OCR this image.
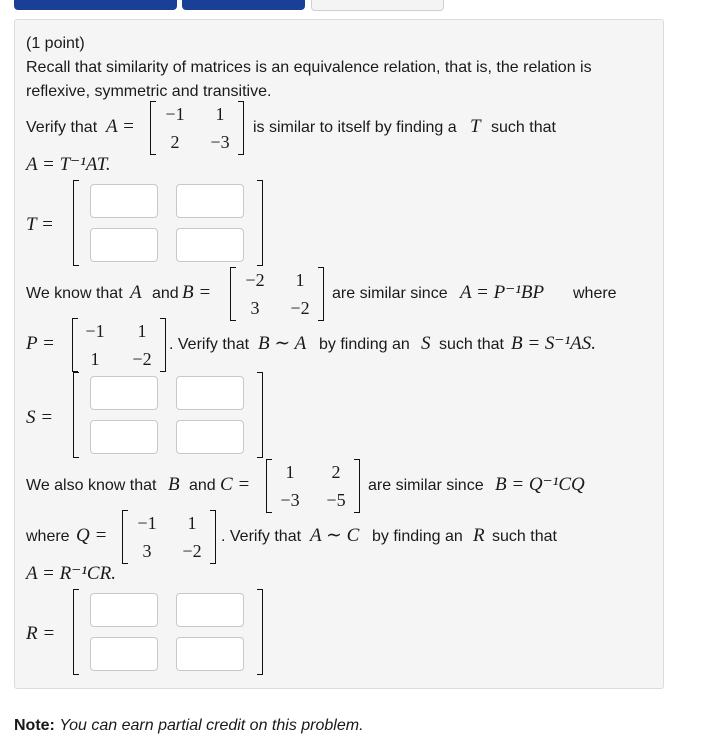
(1 point)
Recall that similarity of matrices is an equivalence relation, that is, the relation is
reflexive, symmetric and transitive.
Verify that A =
−1	1
2	−3
is similar to itself by finding a T such that
A = T⁻¹AT.
T =
We know that A and B =
−2	1
3	−2
are similar since A = P⁻¹BP where
P =
−1	1
1	−2
. Verify that B ∼ A by finding an S such that B = S⁻¹AS.
S =
We also know that B and C =
1	2
−3	−5
are similar since B = Q⁻¹CQ
where Q =
−1	1
3	−2
. Verify that A ∼ C by finding an R such that
A = R⁻¹CR.
R =
Note: You can earn partial credit on this problem.
